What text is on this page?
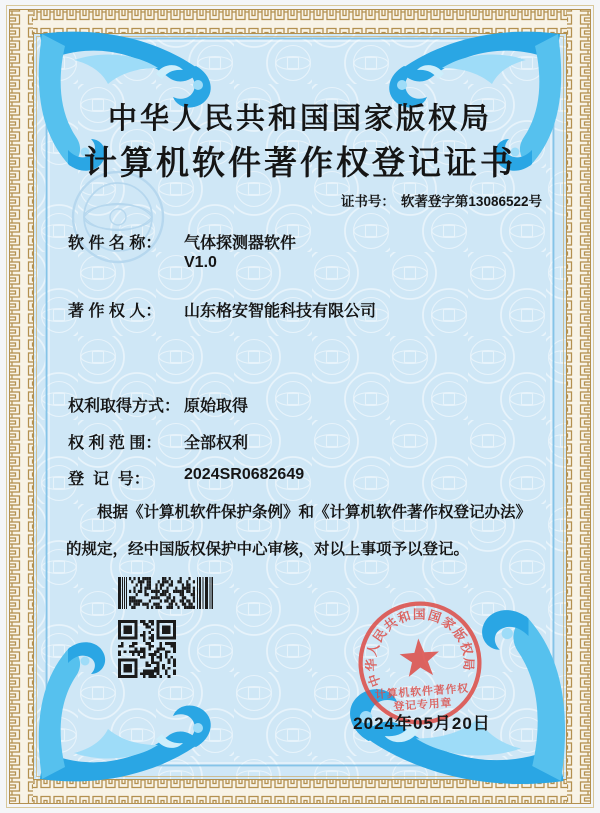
中华人民共和国国家版权局
计算机软件著作权登记证书
证书号： 软著登字第13086522号
软 件 名 称： 气体探测器软件
V1.0
著 作 权 人： 山东格安智能科技有限公司
权利取得方式： 原始取得
权 利 范 围： 全部权利
登  记  号： 2024SR0682649
根据《计算机软件保护条例》和《计算机软件著作权登记办法》的规定，经中国版权保护中心审核，对以上事项予以登记。
中华人民共和国国家版权局
计算机软件著作权
登记专用章
2024年05月20日
